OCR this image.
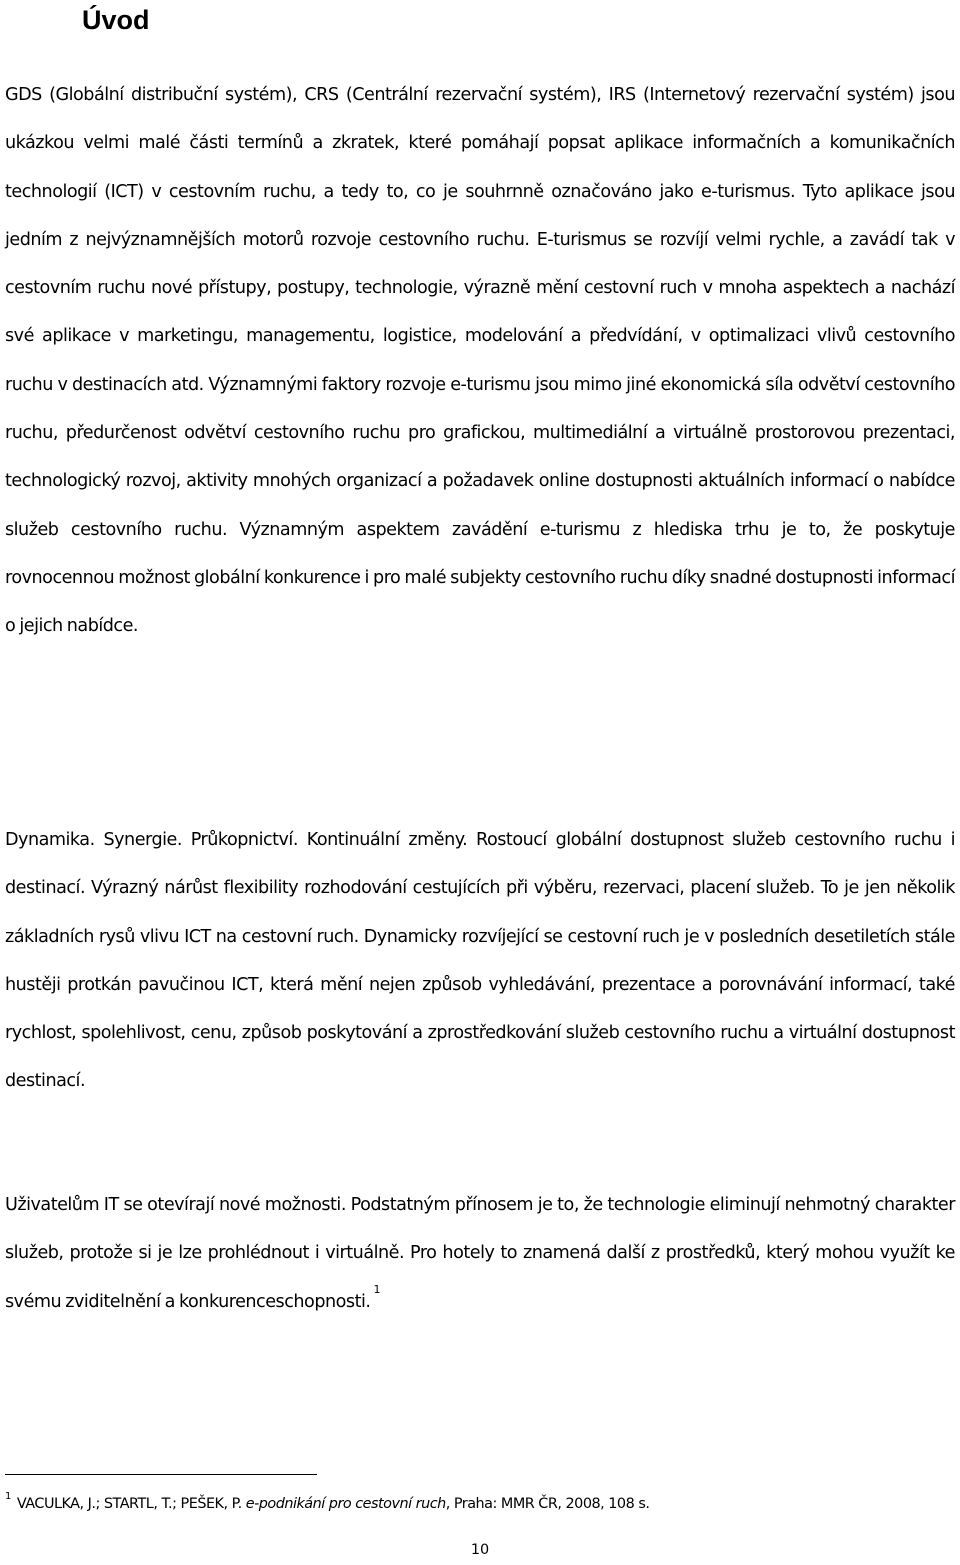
Úvod

GDS (Globální distribuční systém), CRS (Centrální rezervační systém), IRS (Internetový rezervační systém) jsou ukázkou velmi malé části termínů a zkratek, které pomáhají popsat aplikace informačních a komunikačních technologií (ICT) v cestovním ruchu, a tedy to, co je souhrnně označováno jako e-turismus. Tyto aplikace jsou jedním z nejvýznamnějších motorů rozvoje cestovního ruchu. E-turismus se rozvíjí velmi rychle, a zavádí tak v cestovním ruchu nové přístupy, postupy, technologie, výrazně mění cestovní ruch v mnoha aspektech a nachází své aplikace v marketingu, managementu, logistice, modelování a předvídání, v optimalizaci vlivů cestovního ruchu v destinacích atd. Významnými faktory rozvoje e-turismu jsou mimo jiné ekonomická síla odvětví cestovního ruchu, předurčenost odvětví cestovního ruchu pro grafickou, multimediální a virtuálně prostorovou prezentaci, technologický rozvoj, aktivity mnohých organizací a požadavek online dostupnosti aktuálních informací o nabídce služeb cestovního ruchu. Významným aspektem zavádění e-turismu z hlediska trhu je to, že poskytuje rovnocennou možnost globální konkurence i pro malé subjekty cestovního ruchu díky snadné dostupnosti informací o jejich nabídce.

Dynamika. Synergie. Průkopnictví. Kontinuální změny. Rostoucí globální dostupnost služeb cestovního ruchu i destinací. Výrazný nárůst flexibility rozhodování cestujících při výběru, rezervaci, placení služeb. To je jen několik základních rysů vlivu ICT na cestovní ruch. Dynamicky rozvíjející se cestovní ruch je v posledních desetiletích stále hustěji protkán pavučinou ICT, která mění nejen způsob vyhledávání, prezentace a porovnávání informací, také rychlost, spolehlivost, cenu, způsob poskytování a zprostředkování služeb cestovního ruchu a virtuální dostupnost destinací.

Uživatelům IT se otevírají nové možnosti. Podstatným přínosem je to, že technologie eliminují nehmotný charakter služeb, protože si je lze prohlédnout i virtuálně. Pro hotely to znamená další z prostředků, který mohou využít ke svému zviditelnění a konkurenceschopnosti.$^1$

$^1$ VACULKA, J.; STARTL, T.; PEŠEK, P. e-podnikání pro cestovní ruch, Praha: MMR ČR, 2008, 108 s.

10
